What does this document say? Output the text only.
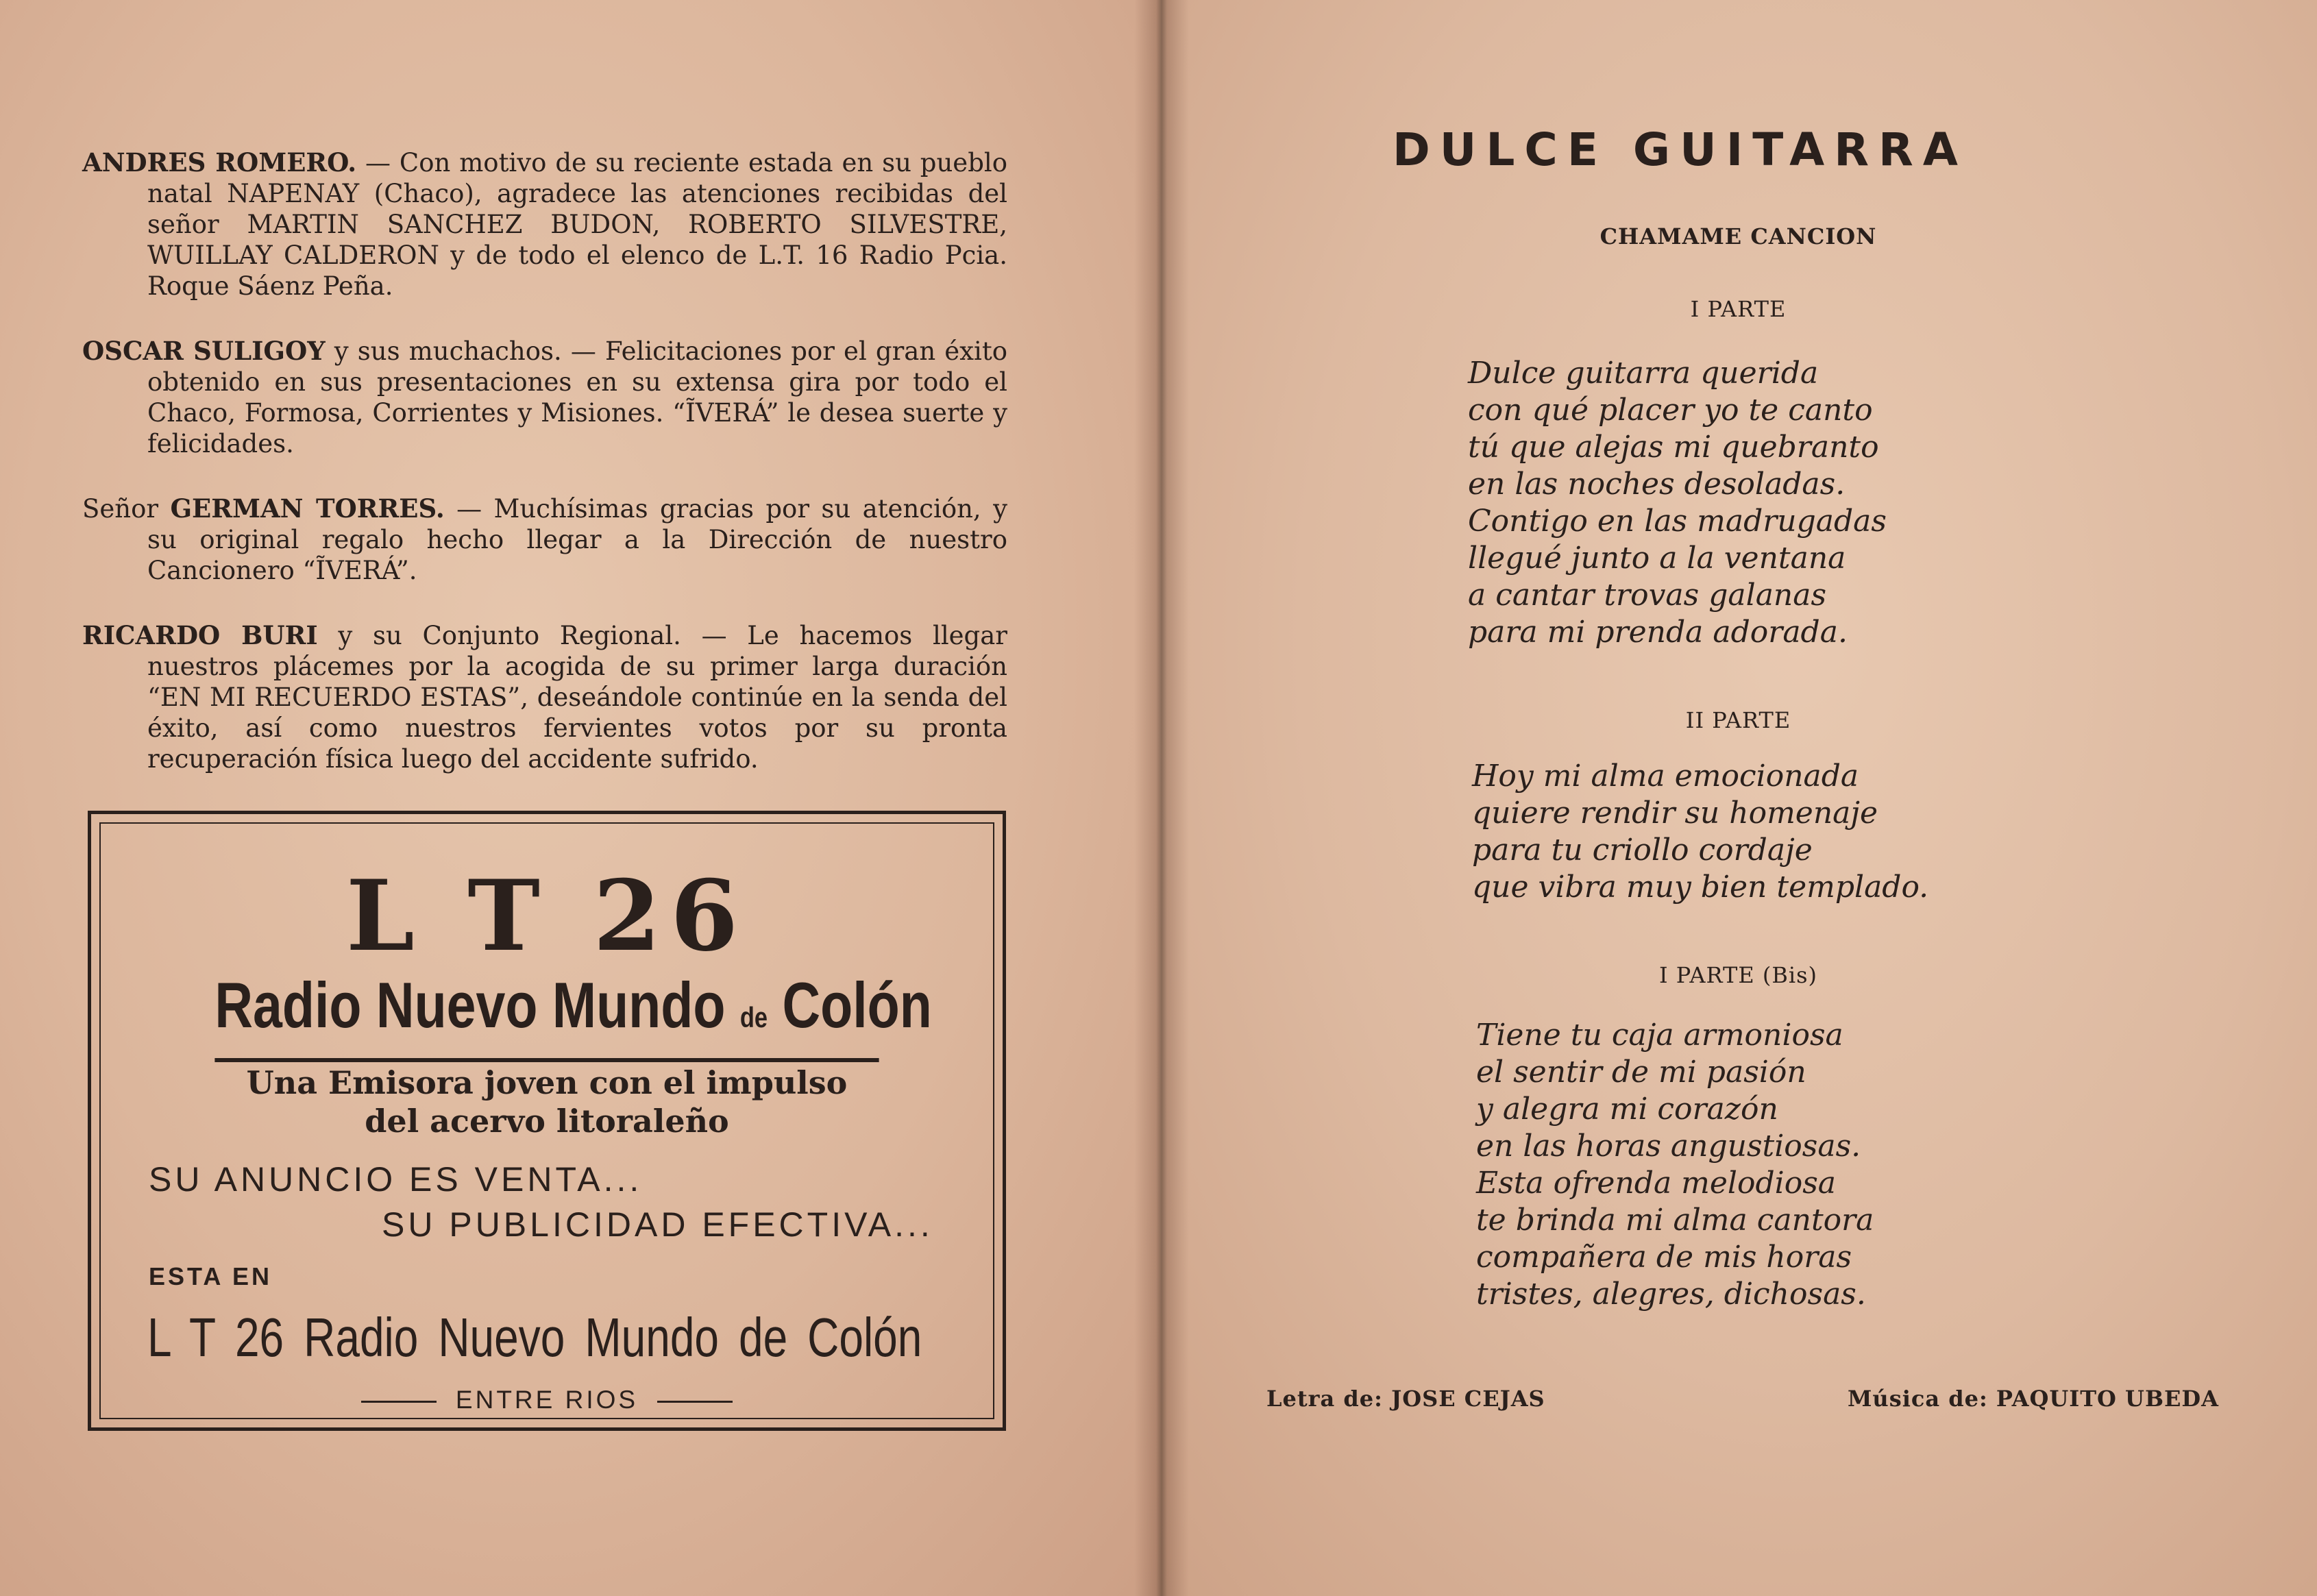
ANDRES ROMERO. — Con motivo de su reciente estada en su pueblo natal NAPENAY (Chaco), agradece las atenciones recibidas del señor MARTIN SANCHEZ BUDON, ROBERTO SILVESTRE, WUILLAY CALDERON y de todo el elenco de L.T. 16 Radio Pcia. Roque Sáenz Peña.

OSCAR SULIGOY y sus muchachos. — Felicitaciones por el gran éxito obtenido en sus presentaciones en su extensa gira por todo el Chaco, Formosa, Corrientes y Misiones. “ĨVERÁ” le desea suerte y felicidades.

Señor GERMAN TORRES. — Muchísimas gracias por su atención, y su original regalo hecho llegar a la Dirección de nuestro Cancionero “ĨVERÁ”.

RICARDO BURI y su Conjunto Regional. — Le hacemos llegar nuestros plácemes por la acogida de su primer larga duración “EN MI RECUERDO ESTAS”, deseándole continúe en la senda del éxito, así como nuestros fervientes votos por su pronta recuperación física luego del accidente sufrido.

L T 26
Radio Nuevo Mundo de Colón
Una Emisora joven con el impulso
del acervo litoraleño
SU ANUNCIO ES VENTA...
SU PUBLICIDAD EFECTIVA...
ESTA EN
L T 26 Radio Nuevo Mundo de Colón
ENTRE RIOS
DULCE GUITARRA
CHAMAME CANCION
I PARTE
Dulce guitarra querida
con qué placer yo te canto
tú que alejas mi quebranto
en las noches desoladas.
Contigo en las madrugadas
llegué junto a la ventana
a cantar trovas galanas
para mi prenda adorada.
II PARTE
Hoy mi alma emocionada
quiere rendir su homenaje
para tu criollo cordaje
que vibra muy bien templado.
I PARTE (Bis)
Tiene tu caja armoniosa
el sentir de mi pasión
y alegra mi corazón
en las horas angustiosas.
Esta ofrenda melodiosa
te brinda mi alma cantora
compañera de mis horas
tristes, alegres, dichosas.
Letra de: JOSE CEJAS	Música de: PAQUITO UBEDA
